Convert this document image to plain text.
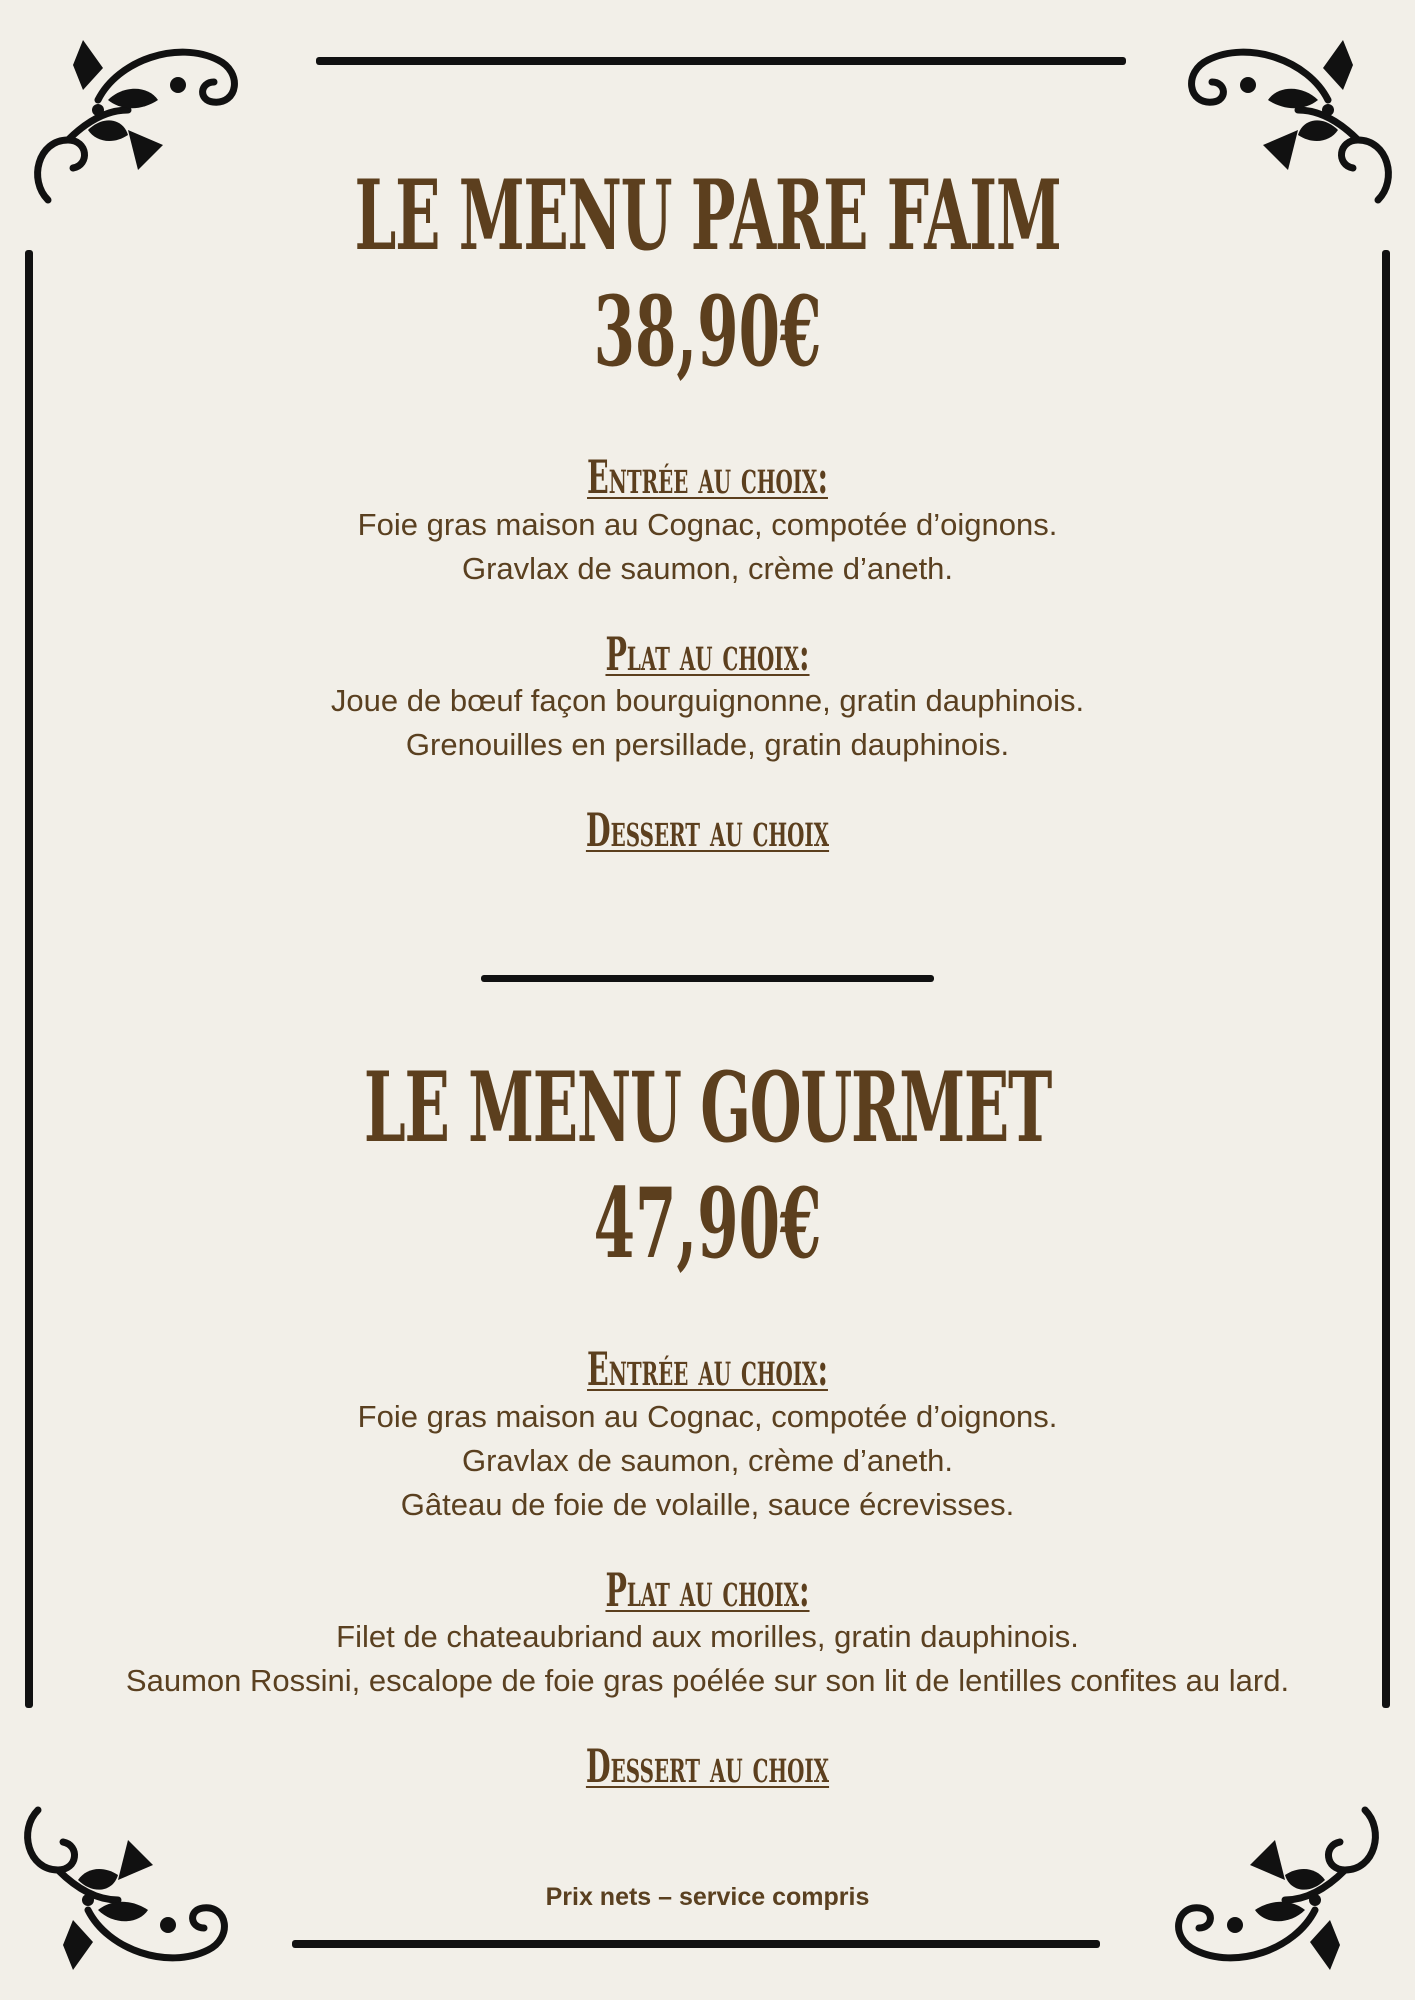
LE MENU PARE FAIM
38,90€
Entrée au choix:

Foie gras maison au Cognac, compotée d’oignons.

Gravlax de saumon, crème d’aneth.

Plat au choix:

Joue de bœuf façon bourguignonne, gratin dauphinois.

Grenouilles en persillade, gratin dauphinois.

Dessert au choix
LE MENU GOURMET
47,90€
Entrée au choix:

Foie gras maison au Cognac, compotée d’oignons.

Gravlax de saumon, crème d’aneth.

Gâteau de foie de volaille, sauce écrevisses.

Plat au choix:

Filet de chateaubriand aux morilles, gratin dauphinois.

Saumon Rossini, escalope de foie gras poélée sur son lit de lentilles confites au lard.

Dessert au choix
Prix nets – service compris
